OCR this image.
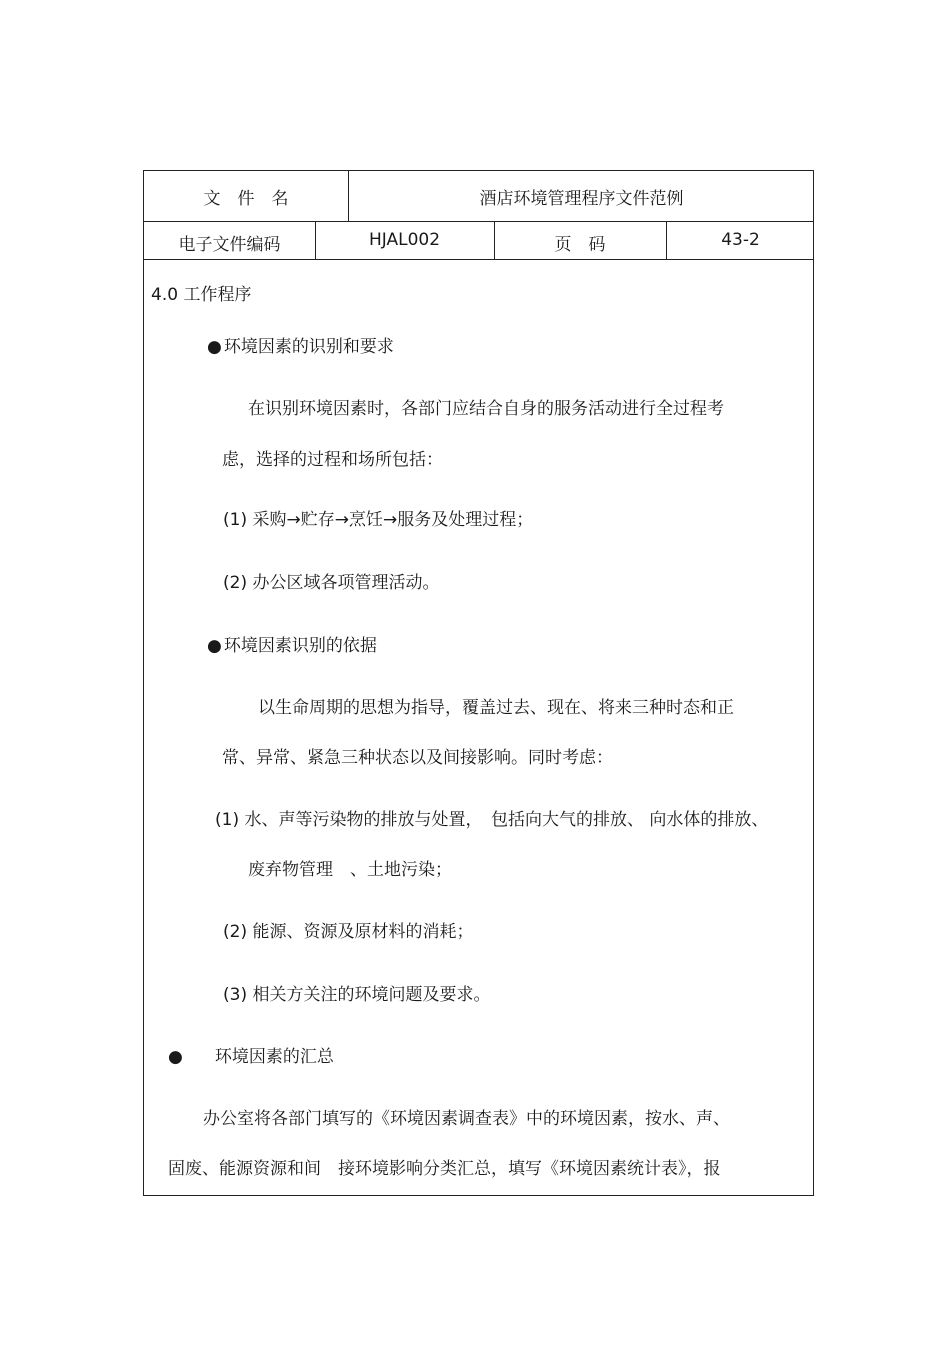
文　件　名	酒店环境管理程序文件范例
电子文件编码	HJAL002	页　码	43-2
4.0 工作程序
● 环境因素的识别和要求
在识别环境因素时，各部门应结合自身的服务活动进行全过程考
虑，选择的过程和场所包括：
(1) 采购→贮存→烹饪→服务及处理过程；
(2) 办公区域各项管理活动。
● 环境因素识别的依据
以生命周期的思想为指导，覆盖过去、现在、将来三种时态和正
常、异常、紧急三种状态以及间接影响。同时考虑：
(1) 水、声等污染物的排放与处置，　包括向大气的排放、 向水体的排放、
废弃物管理　、土地污染；
(2) 能源、资源及原材料的消耗；
(3) 相关方关注的环境问题及要求。
● 环境因素的汇总
办公室将各部门填写的《环境因素调查表》中的环境因素，按水、声、
固废、能源资源和间　接环境影响分类汇总，填写《环境因素统计表》，报
